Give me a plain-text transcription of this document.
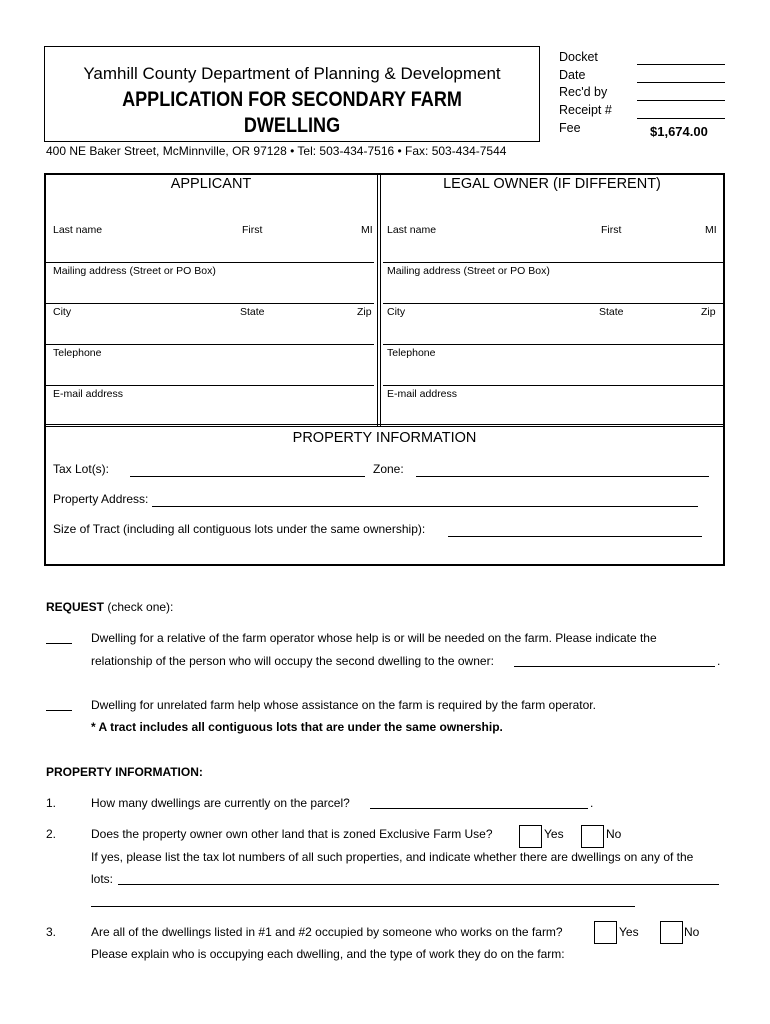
Yamhill County Department of Planning & Development
APPLICATION FOR SECONDARY FARM
DWELLING
400 NE Baker Street, McMinnville, OR 97128 • Tel: 503-434-7516 • Fax: 503-434-7544
Docket
Date
Rec'd by
Receipt #
Fee	$1,674.00
APPLICANT
Last name	First	MI
Mailing address (Street or PO Box)
City	State	Zip
Telephone
E-mail address
LEGAL OWNER (IF DIFFERENT)
Last name	First	MI
Mailing address (Street or PO Box)
City	State	Zip
Telephone
E-mail address
PROPERTY INFORMATION
Tax Lot(s):	Zone:
Property Address:
Size of Tract (including all contiguous lots under the same ownership):
REQUEST (check one):
Dwelling for a relative of the farm operator whose help is or will be needed on the farm. Please indicate the
relationship of the person who will occupy the second dwelling to the owner:	.
Dwelling for unrelated farm help whose assistance on the farm is required by the farm operator.
* A tract includes all contiguous lots that are under the same ownership.
PROPERTY INFORMATION:
1.	How many dwellings are currently on the parcel?	.
2.	Does the property owner own other land that is zoned Exclusive Farm Use?	Yes	No
If yes, please list the tax lot numbers of all such properties, and indicate whether there are dwellings on any of the
lots:
3.	Are all of the dwellings listed in #1 and #2 occupied by someone who works on the farm?	Yes	No
Please explain who is occupying each dwelling, and the type of work they do on the farm:
